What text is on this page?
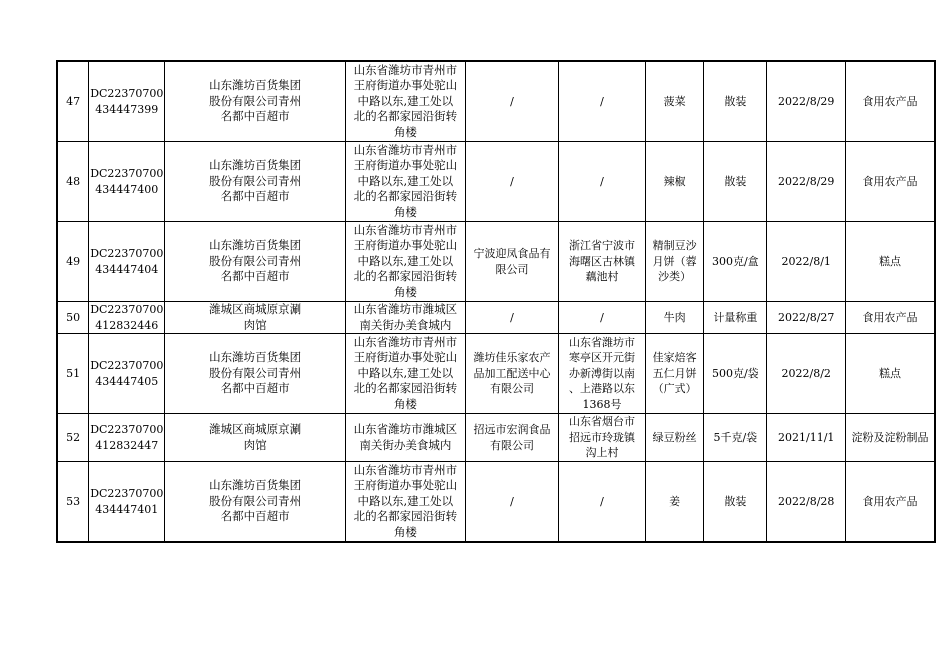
47	DC22370700
434447399	山东潍坊百货集团
股份有限公司青州
名都中百超市	山东省潍坊市青州市
王府街道办事处驼山
中路以东,建工处以
北的名都家园沿街转
角楼	/	/	菠菜	散装	2022/8/29	食用农产品
48	DC22370700
434447400	山东潍坊百货集团
股份有限公司青州
名都中百超市	山东省潍坊市青州市
王府街道办事处驼山
中路以东,建工处以
北的名都家园沿街转
角楼	/	/	辣椒	散装	2022/8/29	食用农产品
49	DC22370700
434447404	山东潍坊百货集团
股份有限公司青州
名都中百超市	山东省潍坊市青州市
王府街道办事处驼山
中路以东,建工处以
北的名都家园沿街转
角楼	宁波迎凤食品有
限公司	浙江省宁波市
海曙区古林镇
藕池村	精制豆沙
月饼（蓉
沙类）	300克/盒	2022/8/1	糕点
50	DC22370700
412832446	潍城区商城原京涮
肉馆	山东省潍坊市潍城区
南关街办美食城内	/	/	牛肉	计量称重	2022/8/27	食用农产品
51	DC22370700
434447405	山东潍坊百货集团
股份有限公司青州
名都中百超市	山东省潍坊市青州市
王府街道办事处驼山
中路以东,建工处以
北的名都家园沿街转
角楼	潍坊佳乐家农产
品加工配送中心
有限公司	山东省潍坊市
寒亭区开元街
办新溥街以南
、上港路以东
1368号	佳家焙客
五仁月饼
（广式）	500克/袋	2022/8/2	糕点
52	DC22370700
412832447	潍城区商城原京涮
肉馆	山东省潍坊市潍城区
南关街办美食城内	招远市宏润食品
有限公司	山东省烟台市
招远市玲珑镇
沟上村	绿豆粉丝	5千克/袋	2021/11/1	淀粉及淀粉制品
53	DC22370700
434447401	山东潍坊百货集团
股份有限公司青州
名都中百超市	山东省潍坊市青州市
王府街道办事处驼山
中路以东,建工处以
北的名都家园沿街转
角楼	/	/	姜	散装	2022/8/28	食用农产品
